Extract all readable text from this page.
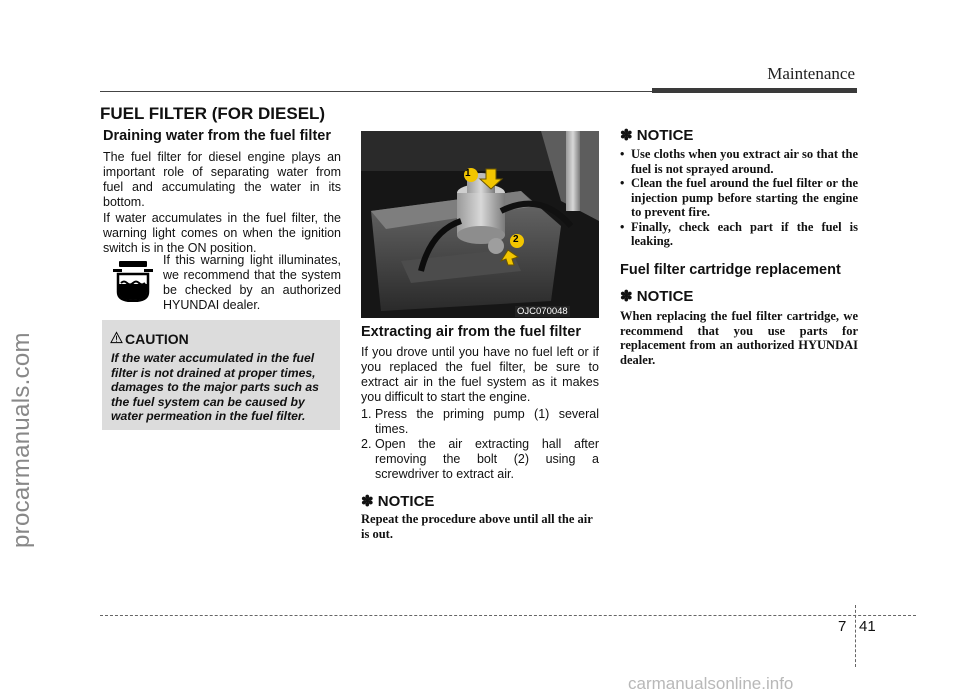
procarmanuals.com
Maintenance
FUEL FILTER (FOR DIESEL)
Draining water from the fuel filter
The fuel filter for diesel engine plays an important role of separating water from fuel and accumulating the water in its bottom.
If water accumulates in the fuel filter, the warning light comes on when the ignition switch is in the ON position.
If this warning light illuminates, we recommend that the system be checked by an authorized HYUNDAI dealer.
CAUTION
If the water accumulated in the fuel filter is not drained at proper times, damages to the major parts such as the fuel system can be caused by water permeation in the fuel filter.
1
2
OJC070048
Extracting air from the fuel filter
If you drove until you have no fuel left or if you replaced the fuel filter, be sure to extract air in the fuel system as it makes you difficult to start the engine.
1. Press the priming pump (1) several times.
2. Open the air extracting hall after removing the bolt (2) using a screwdriver to extract air.
✽ NOTICE
Repeat the procedure above until all the air is out.
✽ NOTICE
• Use cloths when you extract air so that the fuel is not sprayed around.
• Clean the fuel around the fuel filter or the injection pump before starting the engine to prevent fire.
• Finally, check each part if the fuel is leaking.
Fuel filter cartridge replacement
✽ NOTICE
When replacing the fuel filter cartridge, we recommend that you use parts for replacement from an authorized HYUNDAI dealer.
7 41
carmanualsonline.info
